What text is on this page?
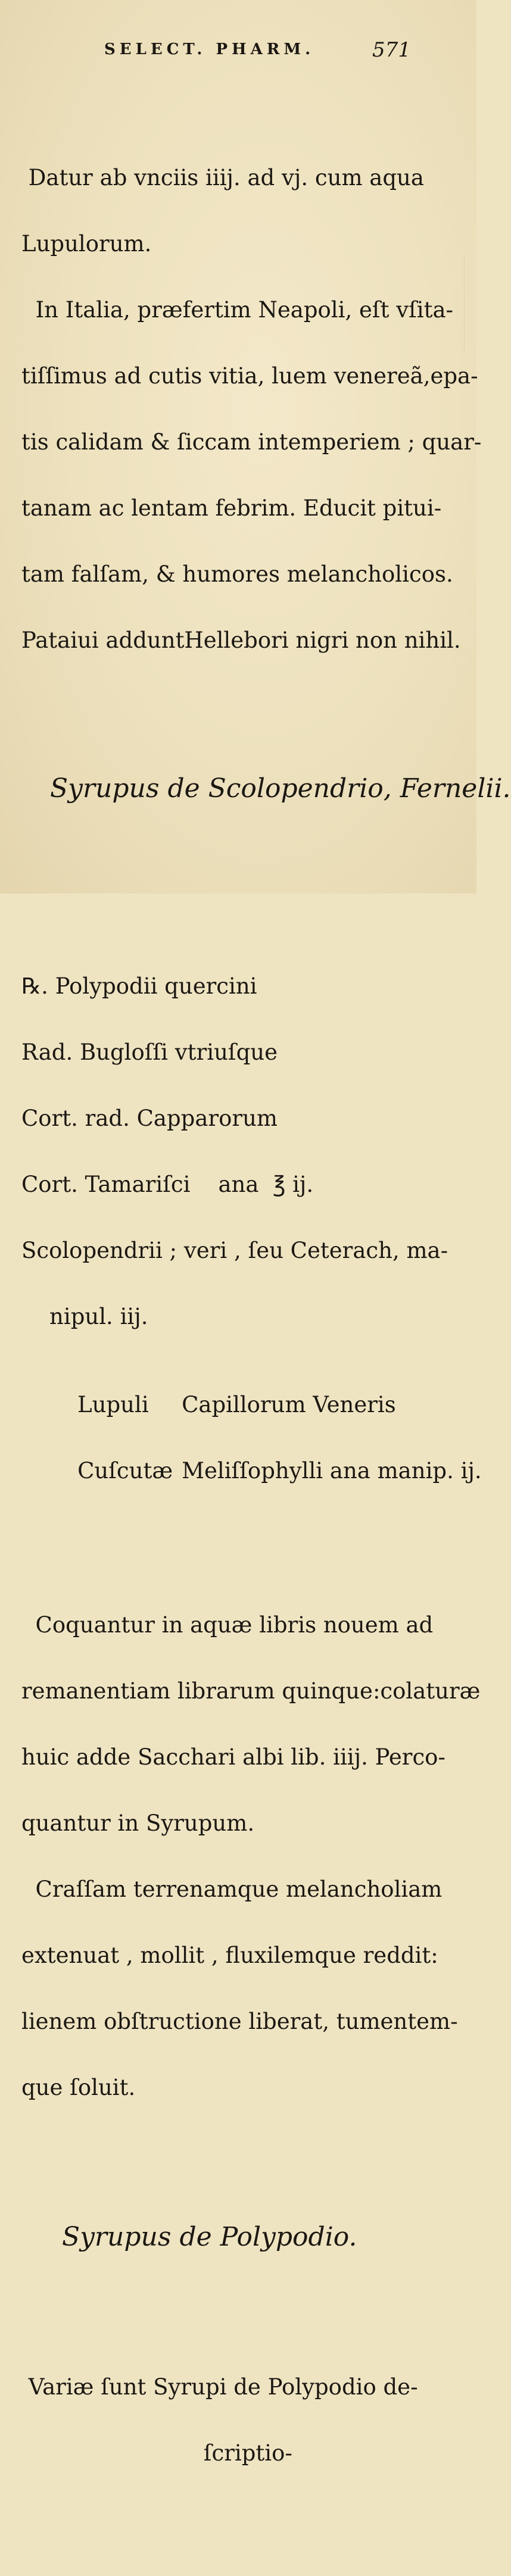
SELECT. PHARM.	571

Datur ab vnciis iiij. ad vj. cum aqua

Lupulorum.

In Italia, præfertim Neapoli, eſt vſita-

tiſſimus ad cutis vitia, luem venereã,epa-

tis calidam & ſiccam intemperiem ; quar-

tanam ac lentam febrim. Educit pitui-

tam falſam, & humores melancholicos.

Pataiui adduntHellebori nigri non nihil.

Syrupus de Scolopendrio, Fernelii.

℞. Polypodii quercini

Rad. Bugloſſi vtriuſque

Cort. rad. Capparorum

Cort. Tamariſci    ana  ℥ ij.

Scolopendrii ; veri , ſeu Ceterach, ma-

nipul. iij.

Lupuli Capillorum Veneris

Cuſcutæ Meliſſophylli ana manip. ij.

Coquantur in aquæ libris nouem ad

remanentiam librarum quinque:colaturæ

huic adde Sacchari albi lib. iiij. Perco-

quantur in Syrupum.

Craſſam terrenamque melancholiam

extenuat , mollit , fluxilemque reddit:

lienem obſtructione liberat, tumentem-

que ſoluit.

Syrupus de Polypodio.

Variæ ſunt Syrupi de Polypodio de-

ſcriptio-
